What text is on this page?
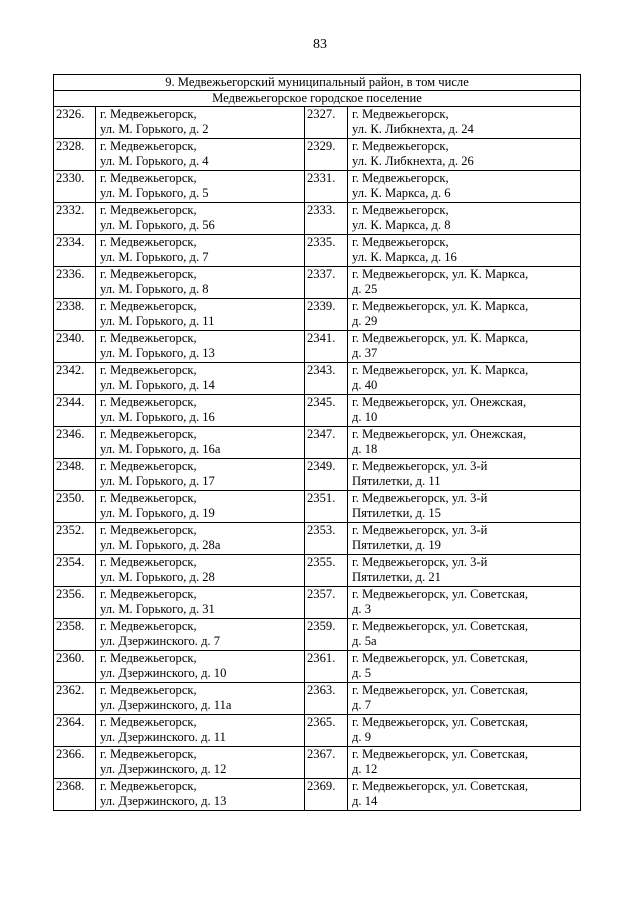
83
9. Медвежьегорский муниципальный район, в том числе			
Медвежьегорское городское поселение			
2326.	г. Медвежьегорск,
ул. М. Горького, д. 2	2327.	г. Медвежьегорск,
ул. К. Либкнехта, д. 24

2328.	г. Медвежьегорск,
ул. М. Горького, д. 4	2329.	г. Медвежьегорск,
ул. К. Либкнехта, д. 26

2330.	г. Медвежьегорск,
ул. М. Горького, д. 5	2331.	г. Медвежьегорск,
ул. К. Маркса, д. 6

2332.	г. Медвежьегорск,
ул. М. Горького, д. 56	2333.	г. Медвежьегорск,
ул. К. Маркса, д. 8

2334.	г. Медвежьегорск,
ул. М. Горького, д. 7	2335.	г. Медвежьегорск,
ул. К. Маркса, д. 16

2336.	г. Медвежьегорск,
ул. М. Горького, д. 8	2337.	г. Медвежьегорск, ул. К. Маркса,
д. 25

2338.	г. Медвежьегорск,
ул. М. Горького, д. 11	2339.	г. Медвежьегорск, ул. К. Маркса,
д. 29

2340.	г. Медвежьегорск,
ул. М. Горького, д. 13	2341.	г. Медвежьегорск, ул. К. Маркса,
д. 37

2342.	г. Медвежьегорск,
ул. М. Горького, д. 14	2343.	г. Медвежьегорск, ул. К. Маркса,
д. 40

2344.	г. Медвежьегорск,
ул. М. Горького, д. 16	2345.	г. Медвежьегорск, ул. Онежская,
д. 10

2346.	г. Медвежьегорск,
ул. М. Горького, д. 16а	2347.	г. Медвежьегорск, ул. Онежская,
д. 18

2348.	г. Медвежьегорск,
ул. М. Горького, д. 17	2349.	г. Медвежьегорск, ул. 3-й
Пятилетки, д. 11

2350.	г. Медвежьегорск,
ул. М. Горького, д. 19	2351.	г. Медвежьегорск, ул. 3-й
Пятилетки, д. 15

2352.	г. Медвежьегорск,
ул. М. Горького, д. 28а	2353.	г. Медвежьегорск, ул. 3-й
Пятилетки, д. 19

2354.	г. Медвежьегорск,
ул. М. Горького, д. 28	2355.	г. Медвежьегорск, ул. 3-й
Пятилетки, д. 21

2356.	г. Медвежьегорск,
ул. М. Горького, д. 31	2357.	г. Медвежьегорск, ул. Советская,
д. 3

2358.	г. Медвежьегорск,
ул. Дзержинского. д. 7	2359.	г. Медвежьегорск, ул. Советская,
д. 5а

2360.	г. Медвежьегорск,
ул. Дзержинского, д. 10	2361.	г. Медвежьегорск, ул. Советская,
д. 5

2362.	г. Медвежьегорск,
ул. Дзержинского, д. 11а	2363.	г. Медвежьегорск, ул. Советская,
д. 7

2364.	г. Медвежьегорск,
ул. Дзержинского. д. 11	2365.	г. Медвежьегорск, ул. Советская,
д. 9

2366.	г. Медвежьегорск,
ул. Дзержинского, д. 12	2367.	г. Медвежьегорск, ул. Советская,
д. 12

2368.	г. Медвежьегорск,
ул. Дзержинского, д. 13	2369.	г. Медвежьегорск, ул. Советская,
д. 14
